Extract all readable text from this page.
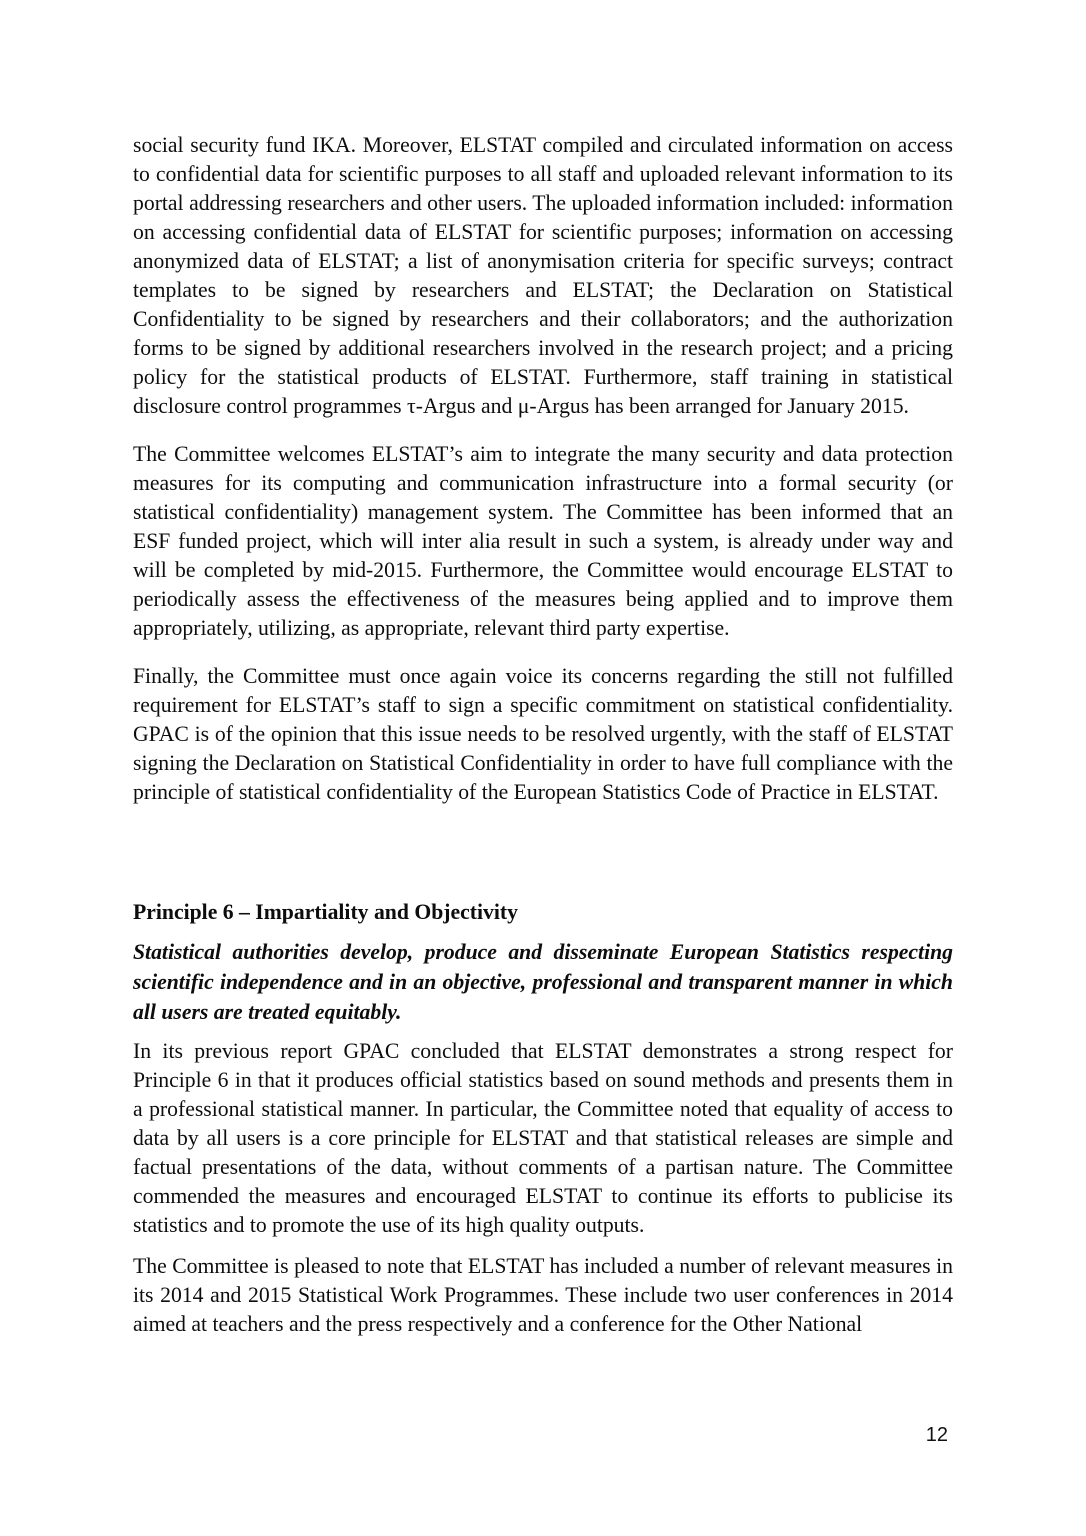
social security fund IKA. Moreover, ELSTAT compiled and circulated information on access to confidential data for scientific purposes to all staff and uploaded relevant information to its portal addressing researchers and other users. The uploaded information included: information on accessing confidential data of ELSTAT for scientific purposes; information on accessing anonymized data of ELSTAT; a list of anonymisation criteria for specific surveys; contract templates to be signed by researchers and ELSTAT; the Declaration on Statistical Confidentiality to be signed by researchers and their collaborators; and the authorization forms to be signed by additional researchers involved in the research project; and a pricing policy for the statistical products of ELSTAT. Furthermore, staff training in statistical disclosure control programmes τ-Argus and μ-Argus has been arranged for January 2015.

The Committee welcomes ELSTAT’s aim to integrate the many security and data protection measures for its computing and communication infrastructure into a formal security (or statistical confidentiality) management system. The Committee has been informed that an ESF funded project, which will inter alia result in such a system, is already under way and will be completed by mid-2015. Furthermore, the Committee would encourage ELSTAT to periodically assess the effectiveness of the measures being applied and to improve them appropriately, utilizing, as appropriate, relevant third party expertise.

Finally, the Committee must once again voice its concerns regarding the still not fulfilled requirement for ELSTAT’s staff to sign a specific commitment on statistical confidentiality. GPAC is of the opinion that this issue needs to be resolved urgently, with the staff of ELSTAT signing the Declaration on Statistical Confidentiality in order to have full compliance with the principle of statistical confidentiality of the European Statistics Code of Practice in ELSTAT.

Principle 6 – Impartiality and Objectivity

Statistical authorities develop, produce and disseminate European Statistics respecting scientific independence and in an objective, professional and transparent manner in which all users are treated equitably.

In its previous report GPAC concluded that ELSTAT demonstrates a strong respect for Principle 6 in that it produces official statistics based on sound methods and presents them in a professional statistical manner. In particular, the Committee noted that equality of access to data by all users is a core principle for ELSTAT and that statistical releases are simple and factual presentations of the data, without comments of a partisan nature. The Committee commended the measures and encouraged ELSTAT to continue its efforts to publicise its statistics and to promote the use of its high quality outputs.

The Committee is pleased to note that ELSTAT has included a number of relevant measures in its 2014 and 2015 Statistical Work Programmes. These include two user conferences in 2014 aimed at teachers and the press respectively and a conference for the Other National

12
